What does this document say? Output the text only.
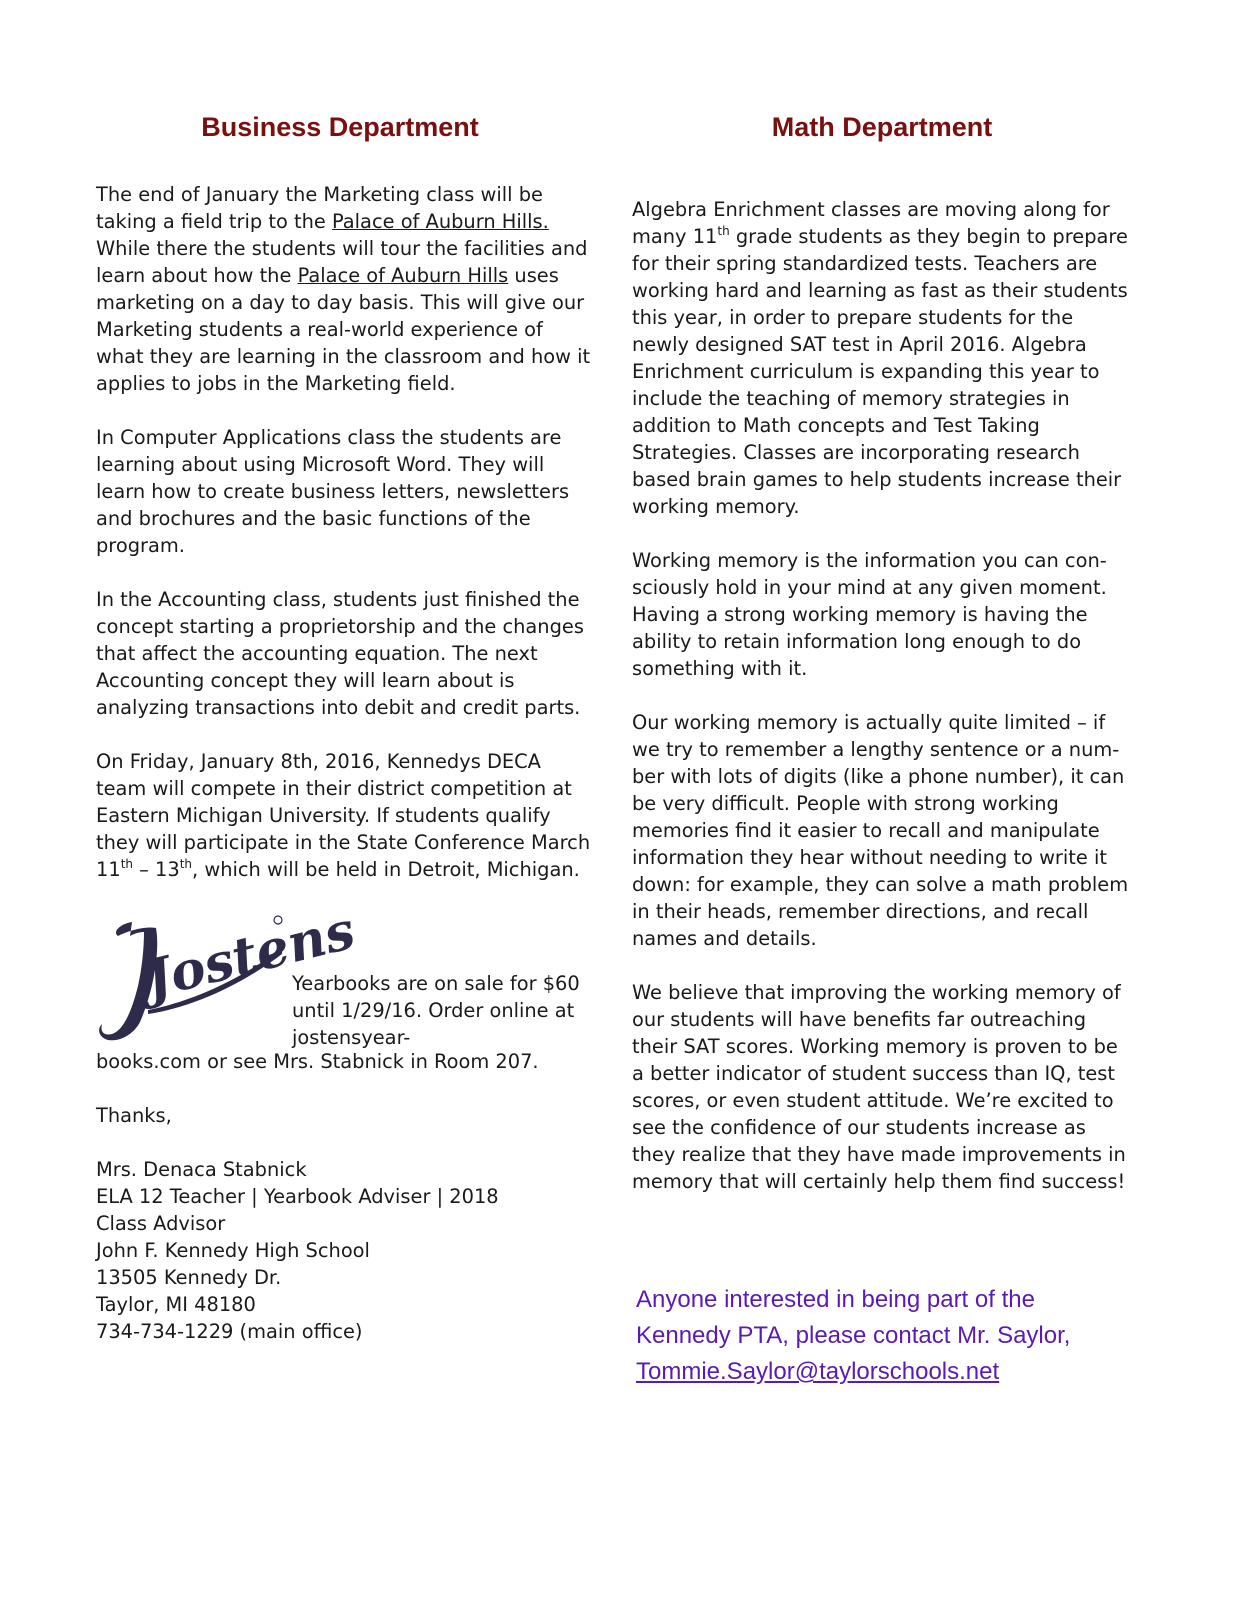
Business Department

The end of January the Marketing class will be taking a field trip to the Palace of Auburn Hills. While there the students will tour the facilities and learn about how the Palace of Auburn Hills uses marketing on a day to day basis. This will give our Marketing students a real-world experience of what they are learning in the classroom and how it applies to jobs in the Marketing field.

In Computer Applications class the students are learning about using Microsoft Word. They will learn how to create business letters, newsletters and brochures and the basic functions of the program.

In the Accounting class, students just finished the concept starting a proprietorship and the changes that affect the accounting equation. The next Accounting concept they will learn about is analyzing transactions into debit and credit parts.

On Friday, January 8th, 2016, Kennedys DECA team will compete in their district competition at Eastern Michigan University. If students qualify they will participate in the State Conference March 11th – 13th, which will be held in Detroit, Michigan.

Jostens
Yearbooks are on sale for $60 until 1/29/16. Order online at jostensyear-
books.com or see Mrs. Stabnick in Room 207.

Thanks,

Mrs. Denaca Stabnick
ELA 12 Teacher | Yearbook Adviser | 2018
Class Advisor
John F. Kennedy High School
13505 Kennedy Dr.
Taylor, MI 48180
734-734-1229 (main office)
Math Department

Algebra Enrichment classes are moving along for many 11th grade students as they begin to prepare for their spring standardized tests. Teachers are working hard and learning as fast as their students this year, in order to prepare students for the newly designed SAT test in April 2016. Algebra Enrichment curriculum is expanding this year to include the teaching of memory strategies in addition to Math concepts and Test Taking Strategies. Classes are incorporating research based brain games to help students increase their working memory.

Working memory is the information you can consciously hold in your mind at any given moment. Having a strong working memory is having the ability to retain information long enough to do something with it.

Our working memory is actually quite limited – if we try to remember a lengthy sentence or a number with lots of digits (like a phone number), it can be very difficult. People with strong working memories find it easier to recall and manipulate information they hear without needing to write it down: for example, they can solve a math problem in their heads, remember directions, and recall names and details.

We believe that improving the working memory of our students will have benefits far outreaching their SAT scores. Working memory is proven to be a better indicator of student success than IQ, test scores, or even student attitude. We’re excited to see the confidence of our students increase as they realize that they have made improvements in memory that will certainly help them find success!

Anyone interested in being part of the Kennedy PTA, please contact Mr. Saylor,
Tommie.Saylor@taylorschools.net
